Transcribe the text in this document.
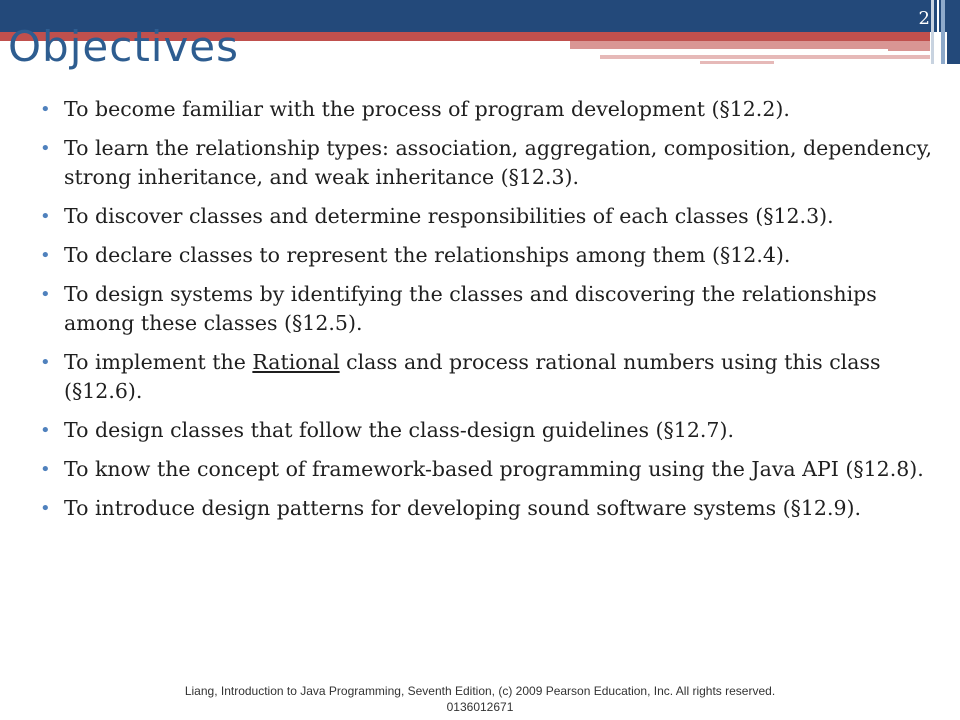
2
Objectives
• To become familiar with the process of program development (§12.2).
• To learn the relationship types: association, aggregation, composition, dependency, strong inheritance, and weak inheritance (§12.3).
• To discover classes and determine responsibilities of each classes (§12.3).
• To declare classes to represent the relationships among them (§12.4).
• To design systems by identifying the classes and discovering the relationships among these classes (§12.5).
• To implement the Rational class and process rational numbers using this class (§12.6).
• To design classes that follow the class-design guidelines (§12.7).
• To know the concept of framework-based programming using the Java API (§12.8).
• To introduce design patterns for developing sound software systems (§12.9).
Liang, Introduction to Java Programming, Seventh Edition, (c) 2009 Pearson Education, Inc. All rights reserved. 0136012671
